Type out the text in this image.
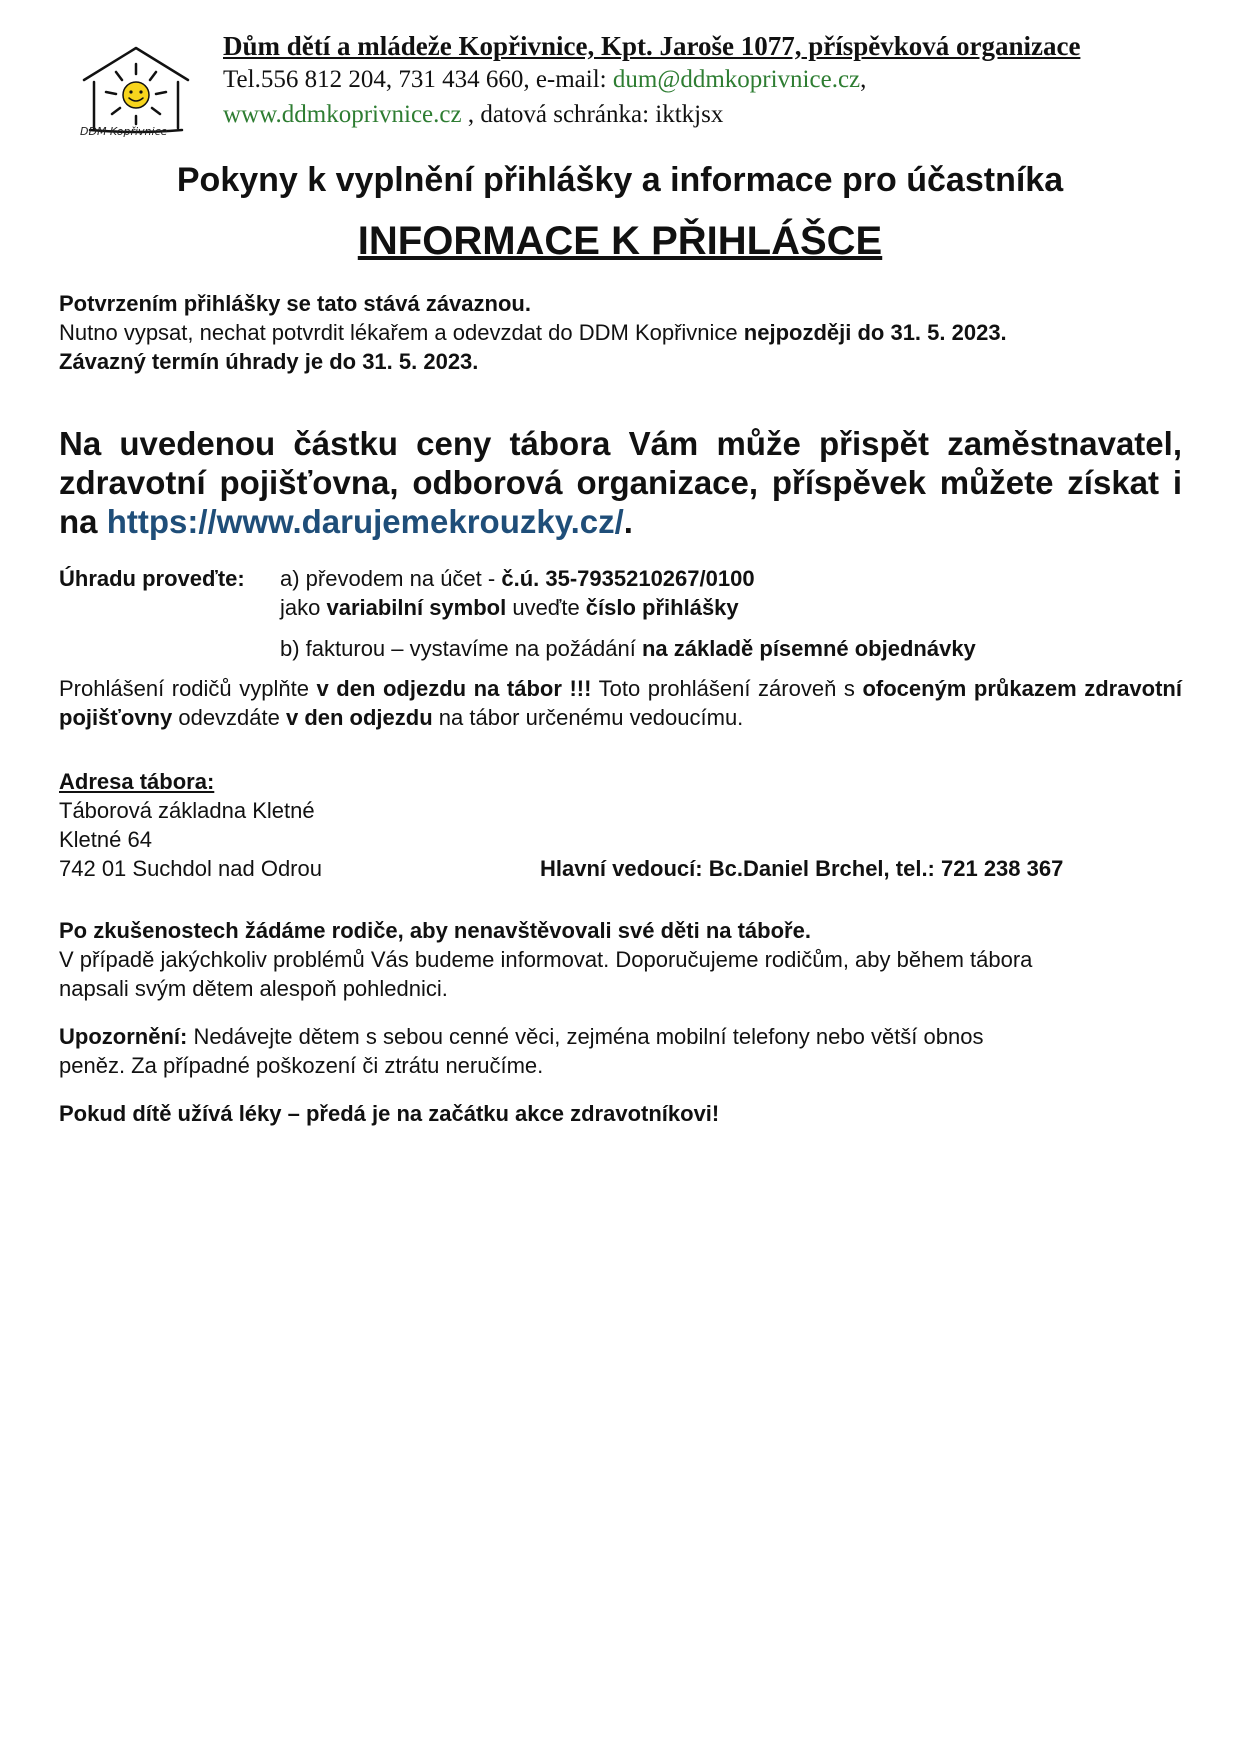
DDM Kopřivnice
Dům dětí a mládeže Kopřivnice, Kpt. Jaroše 1077, příspěvková organizace
Tel.556 812 204, 731 434 660, e-mail: dum@ddmkoprivnice.cz,
www.ddmkoprivnice.cz , datová schránka: iktkjsx
Pokyny k vyplnění přihlášky a informace pro účastníka
INFORMACE K PŘIHLÁŠCE
Potvrzením přihlášky se tato stává závaznou.
Nutno vypsat, nechat potvrdit lékařem a odevzdat do DDM Kopřivnice nejpozději do 31. 5. 2023.
Závazný termín úhrady je do 31. 5. 2023.
Na uvedenou částku ceny tábora Vám může přispět zaměstnavatel, zdravotní pojišťovna, odborová organizace, příspěvek můžete získat i na https://www.darujemekrouzky.cz/.
Úhradu proveďte: a) převodem na účet - č.ú. 35-7935210267/0100
jako variabilní symbol uveďte číslo přihlášky
b) fakturou – vystavíme na požádání na základě písemné objednávky
Prohlášení rodičů vyplňte v den odjezdu na tábor !!! Toto prohlášení zároveň s ofoceným průkazem zdravotní pojišťovny odevzdáte v den odjezdu na tábor určenému vedoucímu.
Adresa tábora:
Táborová základna Kletné
Kletné 64
742 01 Suchdol nad Odrou	Hlavní vedoucí: Bc.Daniel Brchel, tel.: 721 238 367
Po zkušenostech žádáme rodiče, aby nenavštěvovali své děti na táboře.
V případě jakýchkoliv problémů Vás budeme informovat. Doporučujeme rodičům, aby během tábora
napsali svým dětem alespoň pohlednici.
Upozornění: Nedávejte dětem s sebou cenné věci, zejména mobilní telefony nebo větší obnos
peněz. Za případné poškození či ztrátu neručíme.
Pokud dítě užívá léky – předá je na začátku akce zdravotníkovi!
